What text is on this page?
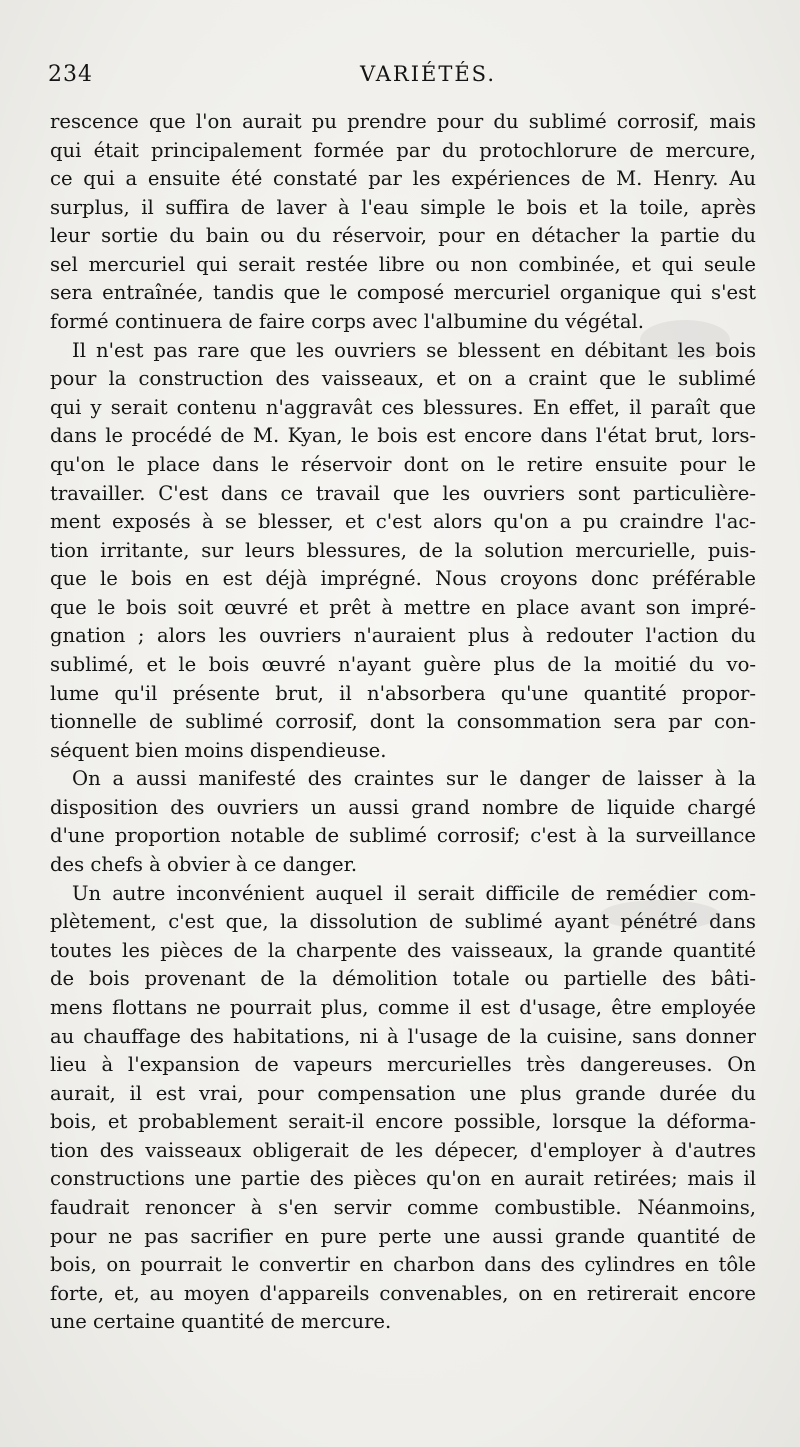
234	VARIÉTÉS.
rescence que l'on aurait pu prendre pour du sublimé corrosif, mais
qui était principalement formée par du protochlorure de mercure,
ce qui a ensuite été constaté par les expériences de M. Henry. Au
surplus, il suffira de laver à l'eau simple le bois et la toile, après
leur sortie du bain ou du réservoir, pour en détacher la partie du
sel mercuriel qui serait restée libre ou non combinée, et qui seule
sera entraînée, tandis que le composé mercuriel organique qui s'est
formé continuera de faire corps avec l'albumine du végétal.
Il n'est pas rare que les ouvriers se blessent en débitant les bois
pour la construction des vaisseaux, et on a craint que le sublimé
qui y serait contenu n'aggravât ces blessures. En effet, il paraît que
dans le procédé de M. Kyan, le bois est encore dans l'état brut, lors-
qu'on le place dans le réservoir dont on le retire ensuite pour le
travailler. C'est dans ce travail que les ouvriers sont particulière-
ment exposés à se blesser, et c'est alors qu'on a pu craindre l'ac-
tion irritante, sur leurs blessures, de la solution mercurielle, puis-
que le bois en est déjà imprégné. Nous croyons donc préférable
que le bois soit œuvré et prêt à mettre en place avant son impré-
gnation ; alors les ouvriers n'auraient plus à redouter l'action du
sublimé, et le bois œuvré n'ayant guère plus de la moitié du vo-
lume qu'il présente brut, il n'absorbera qu'une quantité propor-
tionnelle de sublimé corrosif, dont la consommation sera par con-
séquent bien moins dispendieuse.
On a aussi manifesté des craintes sur le danger de laisser à la
disposition des ouvriers un aussi grand nombre de liquide chargé
d'une proportion notable de sublimé corrosif; c'est à la surveillance
des chefs à obvier à ce danger.
Un autre inconvénient auquel il serait difficile de remédier com-
plètement, c'est que, la dissolution de sublimé ayant pénétré dans
toutes les pièces de la charpente des vaisseaux, la grande quantité
de bois provenant de la démolition totale ou partielle des bâti-
mens flottans ne pourrait plus, comme il est d'usage, être employée
au chauffage des habitations, ni à l'usage de la cuisine, sans donner
lieu à l'expansion de vapeurs mercurielles très dangereuses. On
aurait, il est vrai, pour compensation une plus grande durée du
bois, et probablement serait-il encore possible, lorsque la déforma-
tion des vaisseaux obligerait de les dépecer, d'employer à d'autres
constructions une partie des pièces qu'on en aurait retirées; mais il
faudrait renoncer à s'en servir comme combustible. Néanmoins,
pour ne pas sacrifier en pure perte une aussi grande quantité de
bois, on pourrait le convertir en charbon dans des cylindres en tôle
forte, et, au moyen d'appareils convenables, on en retirerait encore
une certaine quantité de mercure.
